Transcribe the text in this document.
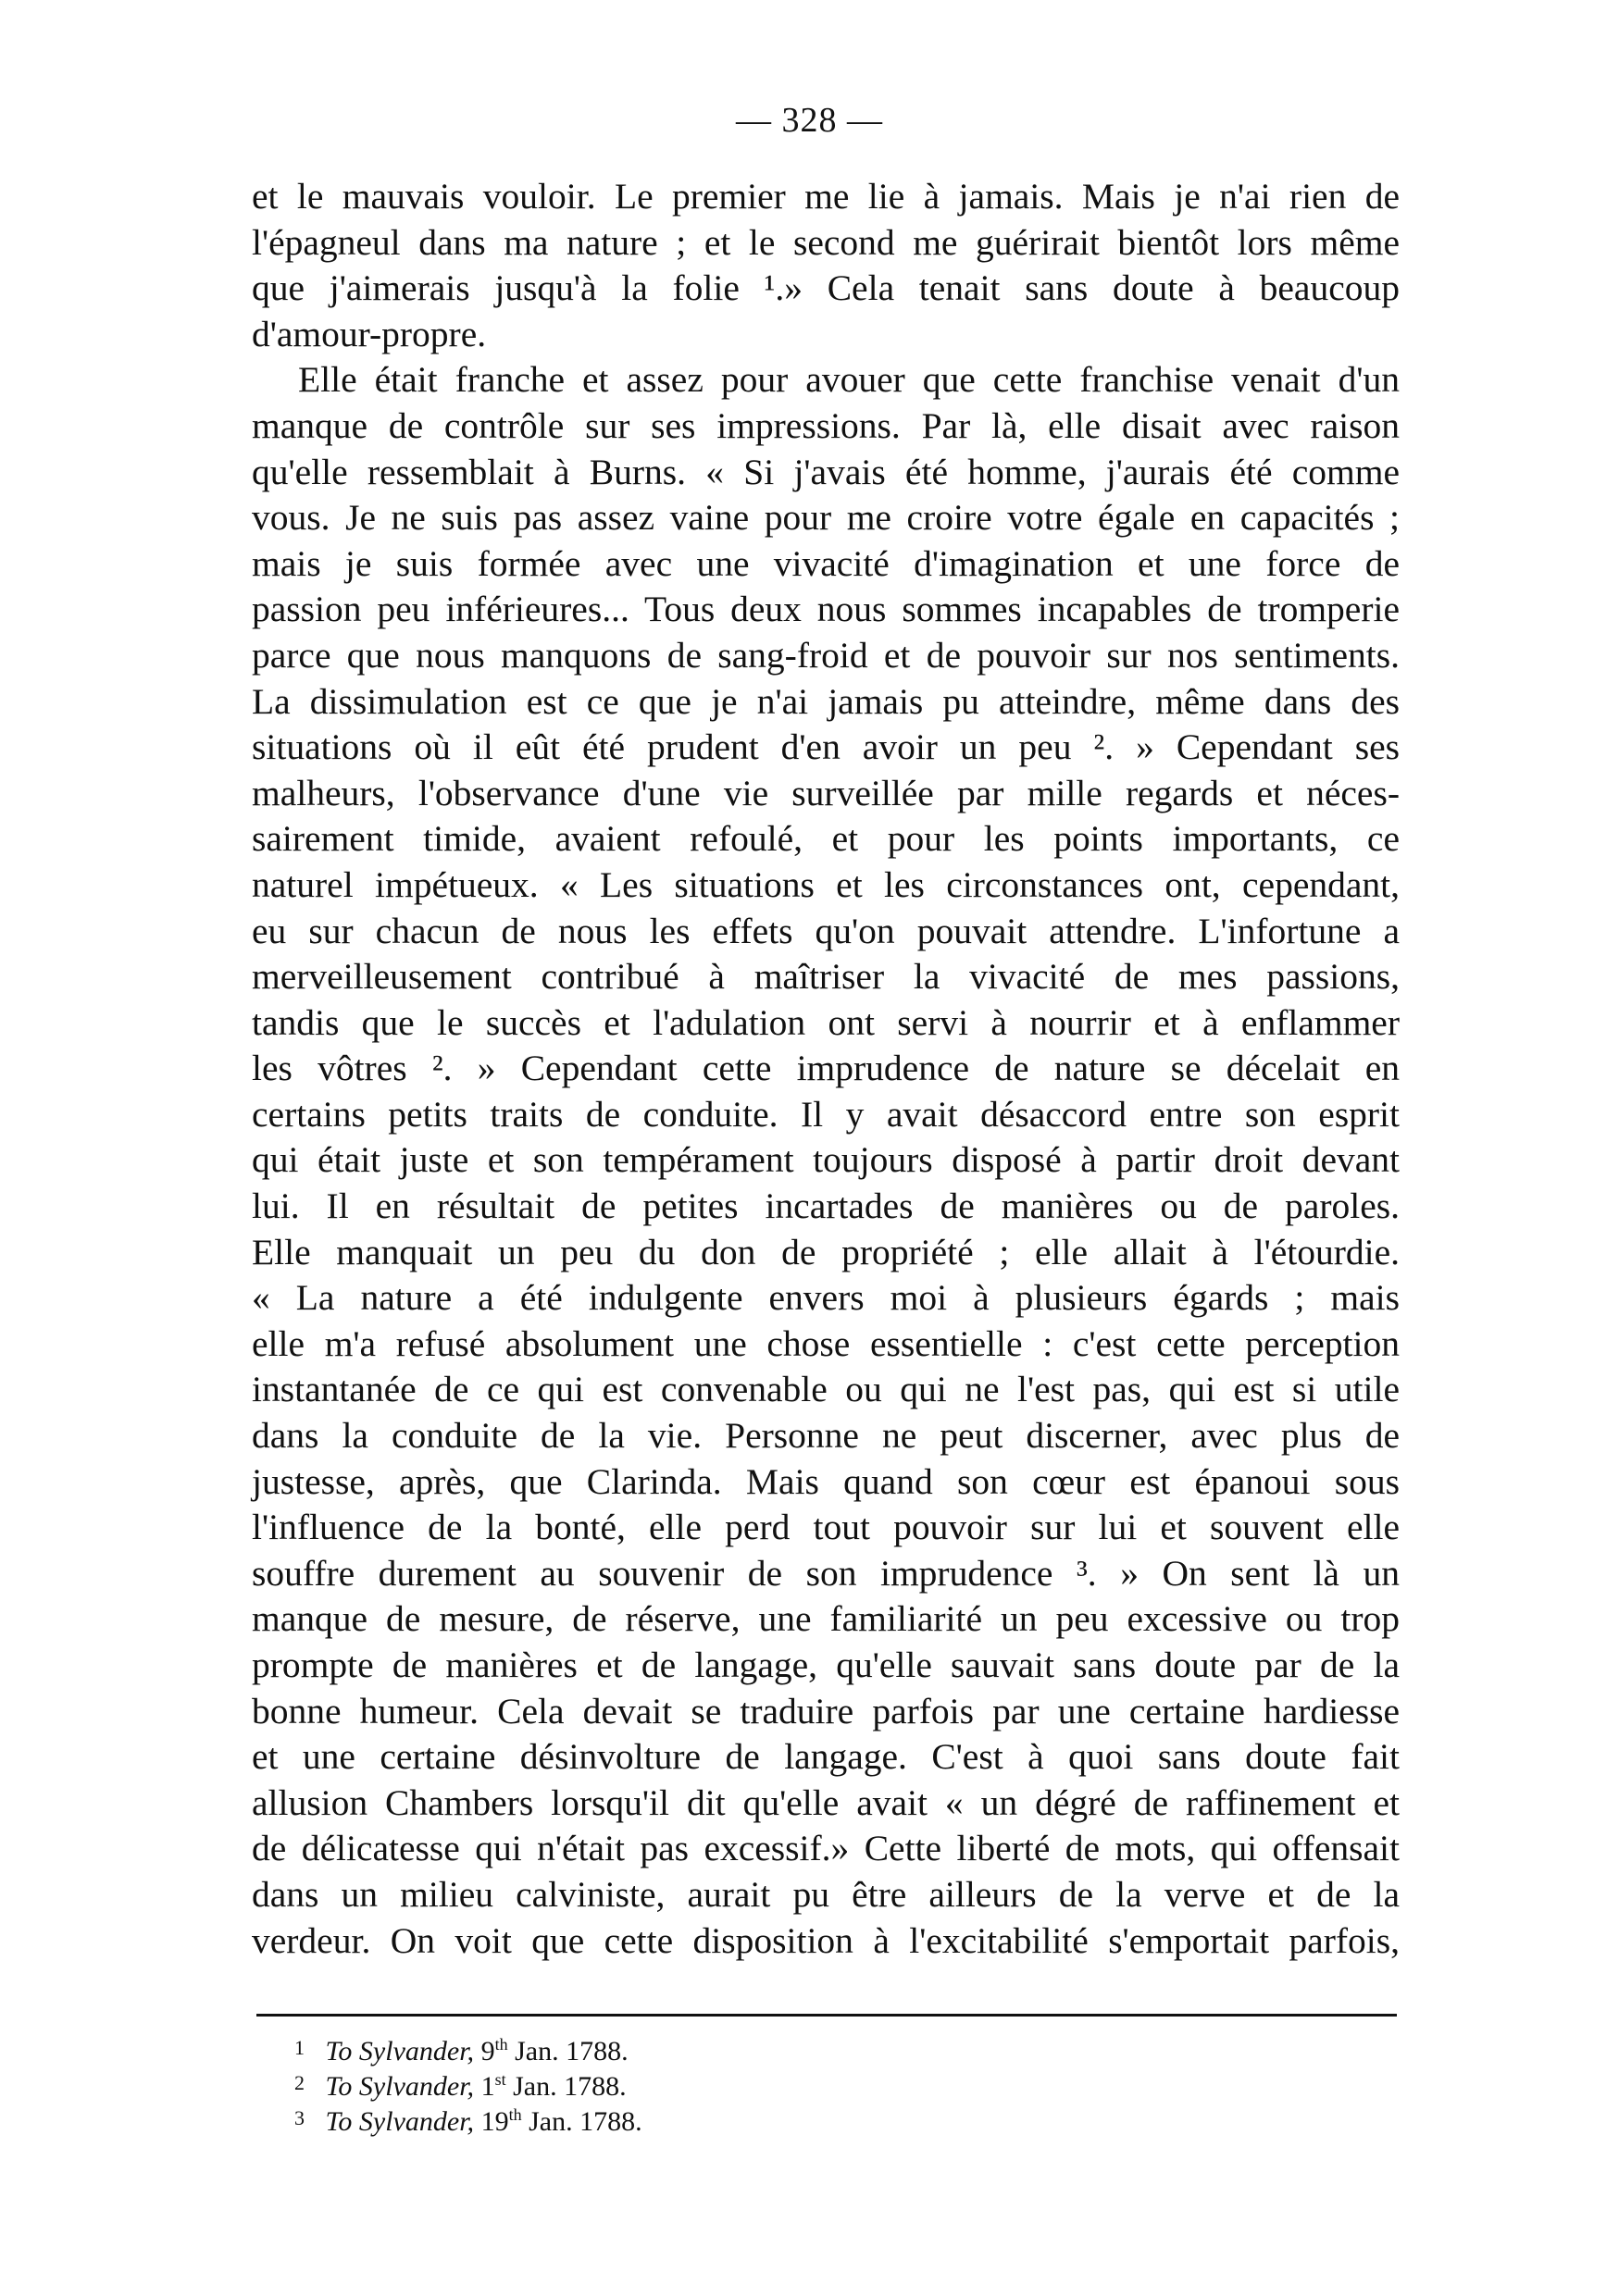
— 328 —
et le mauvais vouloir. Le premier me lie à jamais. Mais je n'ai rien de
l'épagneul dans ma nature ; et le second me guérirait bientôt lors même
que j'aimerais jusqu'à la folie ¹.» Cela tenait sans doute à beaucoup
d'amour-propre.
Elle était franche et assez pour avouer que cette franchise venait d'un
manque de contrôle sur ses impressions. Par là, elle disait avec raison
qu'elle ressemblait à Burns. « Si j'avais été homme, j'aurais été comme
vous. Je ne suis pas assez vaine pour me croire votre égale en capacités ;
mais je suis formée avec une vivacité d'imagination et une force de
passion peu inférieures... Tous deux nous sommes incapables de tromperie
parce que nous manquons de sang-froid et de pouvoir sur nos sentiments.
La dissimulation est ce que je n'ai jamais pu atteindre, même dans des
situations où il eût été prudent d'en avoir un peu ². » Cependant ses
malheurs, l'observance d'une vie surveillée par mille regards et néces-
sairement timide, avaient refoulé, et pour les points importants, ce
naturel impétueux. « Les situations et les circonstances ont, cependant,
eu sur chacun de nous les effets qu'on pouvait attendre. L'infortune a
merveilleusement contribué à maîtriser la vivacité de mes passions,
tandis que le succès et l'adulation ont servi à nourrir et à enflammer
les vôtres ². » Cependant cette imprudence de nature se décelait en
certains petits traits de conduite. Il y avait désaccord entre son esprit
qui était juste et son tempérament toujours disposé à partir droit devant
lui. Il en résultait de petites incartades de manières ou de paroles.
Elle manquait un peu du don de propriété ; elle allait à l'étourdie.
« La nature a été indulgente envers moi à plusieurs égards ; mais
elle m'a refusé absolument une chose essentielle : c'est cette perception
instantanée de ce qui est convenable ou qui ne l'est pas, qui est si utile
dans la conduite de la vie. Personne ne peut discerner, avec plus de
justesse, après, que Clarinda. Mais quand son cœur est épanoui sous
l'influence de la bonté, elle perd tout pouvoir sur lui et souvent elle
souffre durement au souvenir de son imprudence ³. » On sent là un
manque de mesure, de réserve, une familiarité un peu excessive ou trop
prompte de manières et de langage, qu'elle sauvait sans doute par de la
bonne humeur. Cela devait se traduire parfois par une certaine hardiesse
et une certaine désinvolture de langage. C'est à quoi sans doute fait
allusion Chambers lorsqu'il dit qu'elle avait « un dégré de raffinement et
de délicatesse qui n'était pas excessif.» Cette liberté de mots, qui offensait
dans un milieu calviniste, aurait pu être ailleurs de la verve et de la
verdeur. On voit que cette disposition à l'excitabilité s'emportait parfois,
1 To Sylvander, 9th Jan. 1788.
2 To Sylvander, 1st Jan. 1788.
3 To Sylvander, 19th Jan. 1788.
